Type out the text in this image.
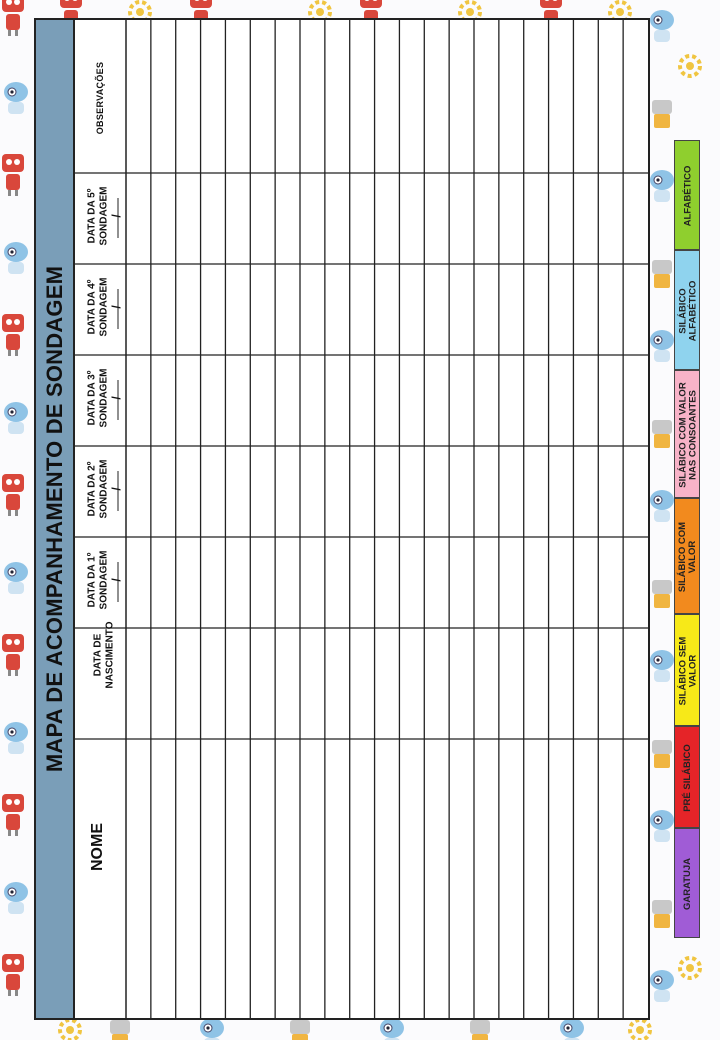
MAPA DE ACOMPANHAMENTO DE SONDAGEM
NOME
DATA DE NASCIMENTO
DATA DA 1º SONDAGEM /
DATA DA 2º SONDAGEM /
DATA DA 3º SONDAGEM /
DATA DA 4º SONDAGEM /
DATA DA 5º SONDAGEM /
OBSERVAÇÕES
GARATUJA
PRÉ SILÁBICO
SILÁBICO SEM VALOR
SILÁBICO COM VALOR
SILÁBICO COM VALOR NAS CONSOANTES
SILÁBICO ALFABÉTICO
ALFABÉTICO
